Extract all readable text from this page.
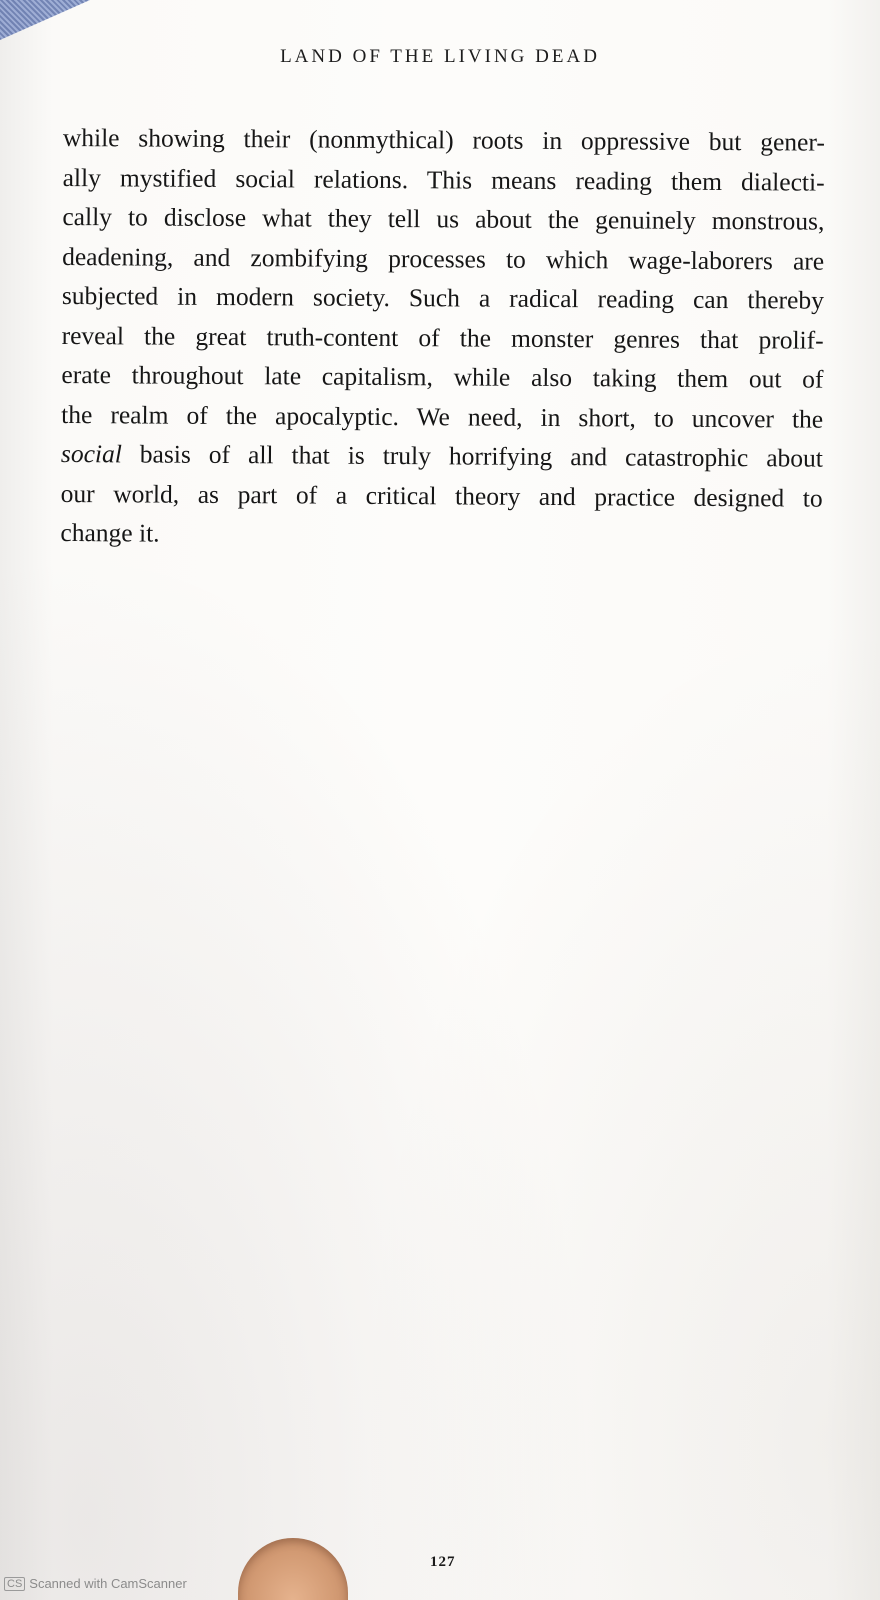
LAND OF THE LIVING DEAD

while showing their (nonmythical) roots in oppressive but gener-
ally mystified social relations. This means reading them dialecti-
cally to disclose what they tell us about the genuinely monstrous,
deadening, and zombifying processes to which wage-laborers are
subjected in modern society. Such a radical reading can thereby
reveal the great truth-content of the monster genres that prolif-
erate throughout late capitalism, while also taking them out of
the realm of the apocalyptic. We need, in short, to uncover the
social basis of all that is truly horrifying and catastrophic about
our world, as part of a critical theory and practice designed to
change it.

127
CS Scanned with CamScanner
